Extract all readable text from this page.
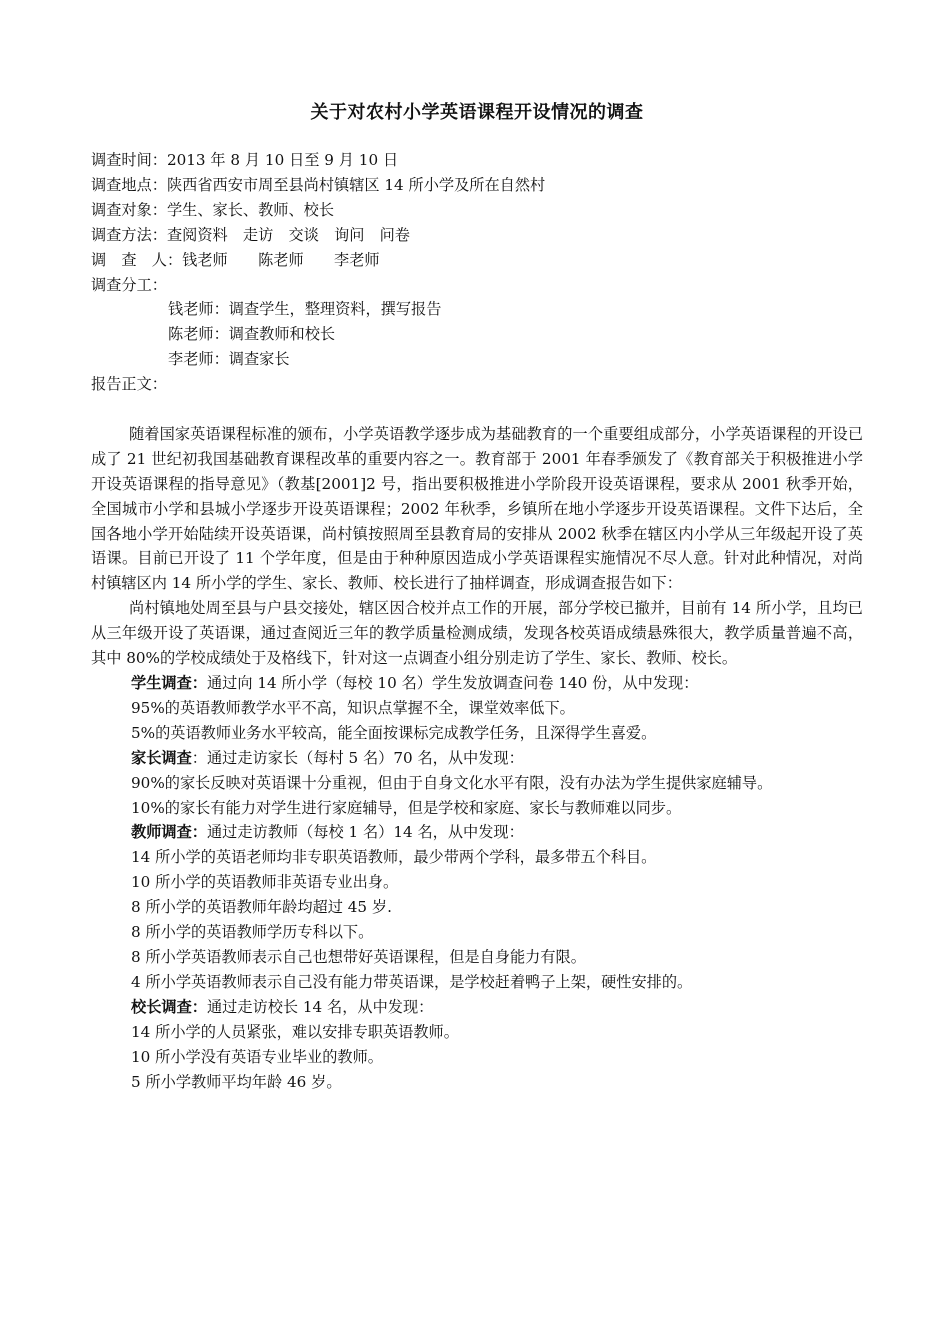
关于对农村小学英语课程开设情况的调查
调查时间：2013 年 8 月 10 日至 9 月 10 日
调查地点：陕西省西安市周至县尚村镇辖区 14 所小学及所在自然村
调查对象：学生、家长、教师、校长
调查方法：查阅资料　走访　交谈　询问　问卷
调　查　人：钱老师　　陈老师　　李老师
调查分工：
钱老师：调查学生，整理资料，撰写报告
陈老师：调查教师和校长
李老师：调查家长
报告正文：

随着国家英语课程标准的颁布，小学英语教学逐步成为基础教育的一个重要组成部分，小学英语课程的开设已成了 21 世纪初我国基础教育课程改革的重要内容之一。教育部于 2001 年春季颁发了《教育部关于积极推进小学开设英语课程的指导意见》（教基[2001]2 号，指出要积极推进小学阶段开设英语课程，要求从 2001 秋季开始，全国城市小学和县城小学逐步开设英语课程；2002 年秋季，乡镇所在地小学逐步开设英语课程。文件下达后，全国各地小学开始陆续开设英语课，尚村镇按照周至县教育局的安排从 2002 秋季在辖区内小学从三年级起开设了英语课。目前已开设了 11 个学年度，但是由于种种原因造成小学英语课程实施情况不尽人意。针对此种情况，对尚村镇辖区内 14 所小学的学生、家长、教师、校长进行了抽样调查，形成调查报告如下：

尚村镇地处周至县与户县交接处，辖区因合校并点工作的开展，部分学校已撤并，目前有 14 所小学，且均已从三年级开设了英语课，通过查阅近三年的教学质量检测成绩，发现各校英语成绩悬殊很大，教学质量普遍不高，其中 80%的学校成绩处于及格线下，针对这一点调查小组分别走访了学生、家长、教师、校长。

学生调查：通过向 14 所小学（每校 10 名）学生发放调查问卷 140 份，从中发现：
95%的英语教师教学水平不高，知识点掌握不全，课堂效率低下。
5%的英语教师业务水平较高，能全面按课标完成教学任务，且深得学生喜爱。
家长调查：通过走访家长（每村 5 名）70 名，从中发现：

90%的家长反映对英语课十分重视，但由于自身文化水平有限，没有办法为学生提供家庭辅导。

10%的家长有能力对学生进行家庭辅导，但是学校和家庭、家长与教师难以同步。
教师调查：通过走访教师（每校 1 名）14 名，从中发现：
14 所小学的英语老师均非专职英语教师，最少带两个学科，最多带五个科目。
10 所小学的英语教师非英语专业出身。
8 所小学的英语教师年龄均超过 45 岁.
8 所小学的英语教师学历专科以下。
8 所小学英语教师表示自己也想带好英语课程，但是自身能力有限。
4 所小学英语教师表示自己没有能力带英语课，是学校赶着鸭子上架，硬性安排的。
校长调查：通过走访校长 14 名，从中发现：
14 所小学的人员紧张，难以安排专职英语教师。
10 所小学没有英语专业毕业的教师。
5 所小学教师平均年龄 46 岁。
